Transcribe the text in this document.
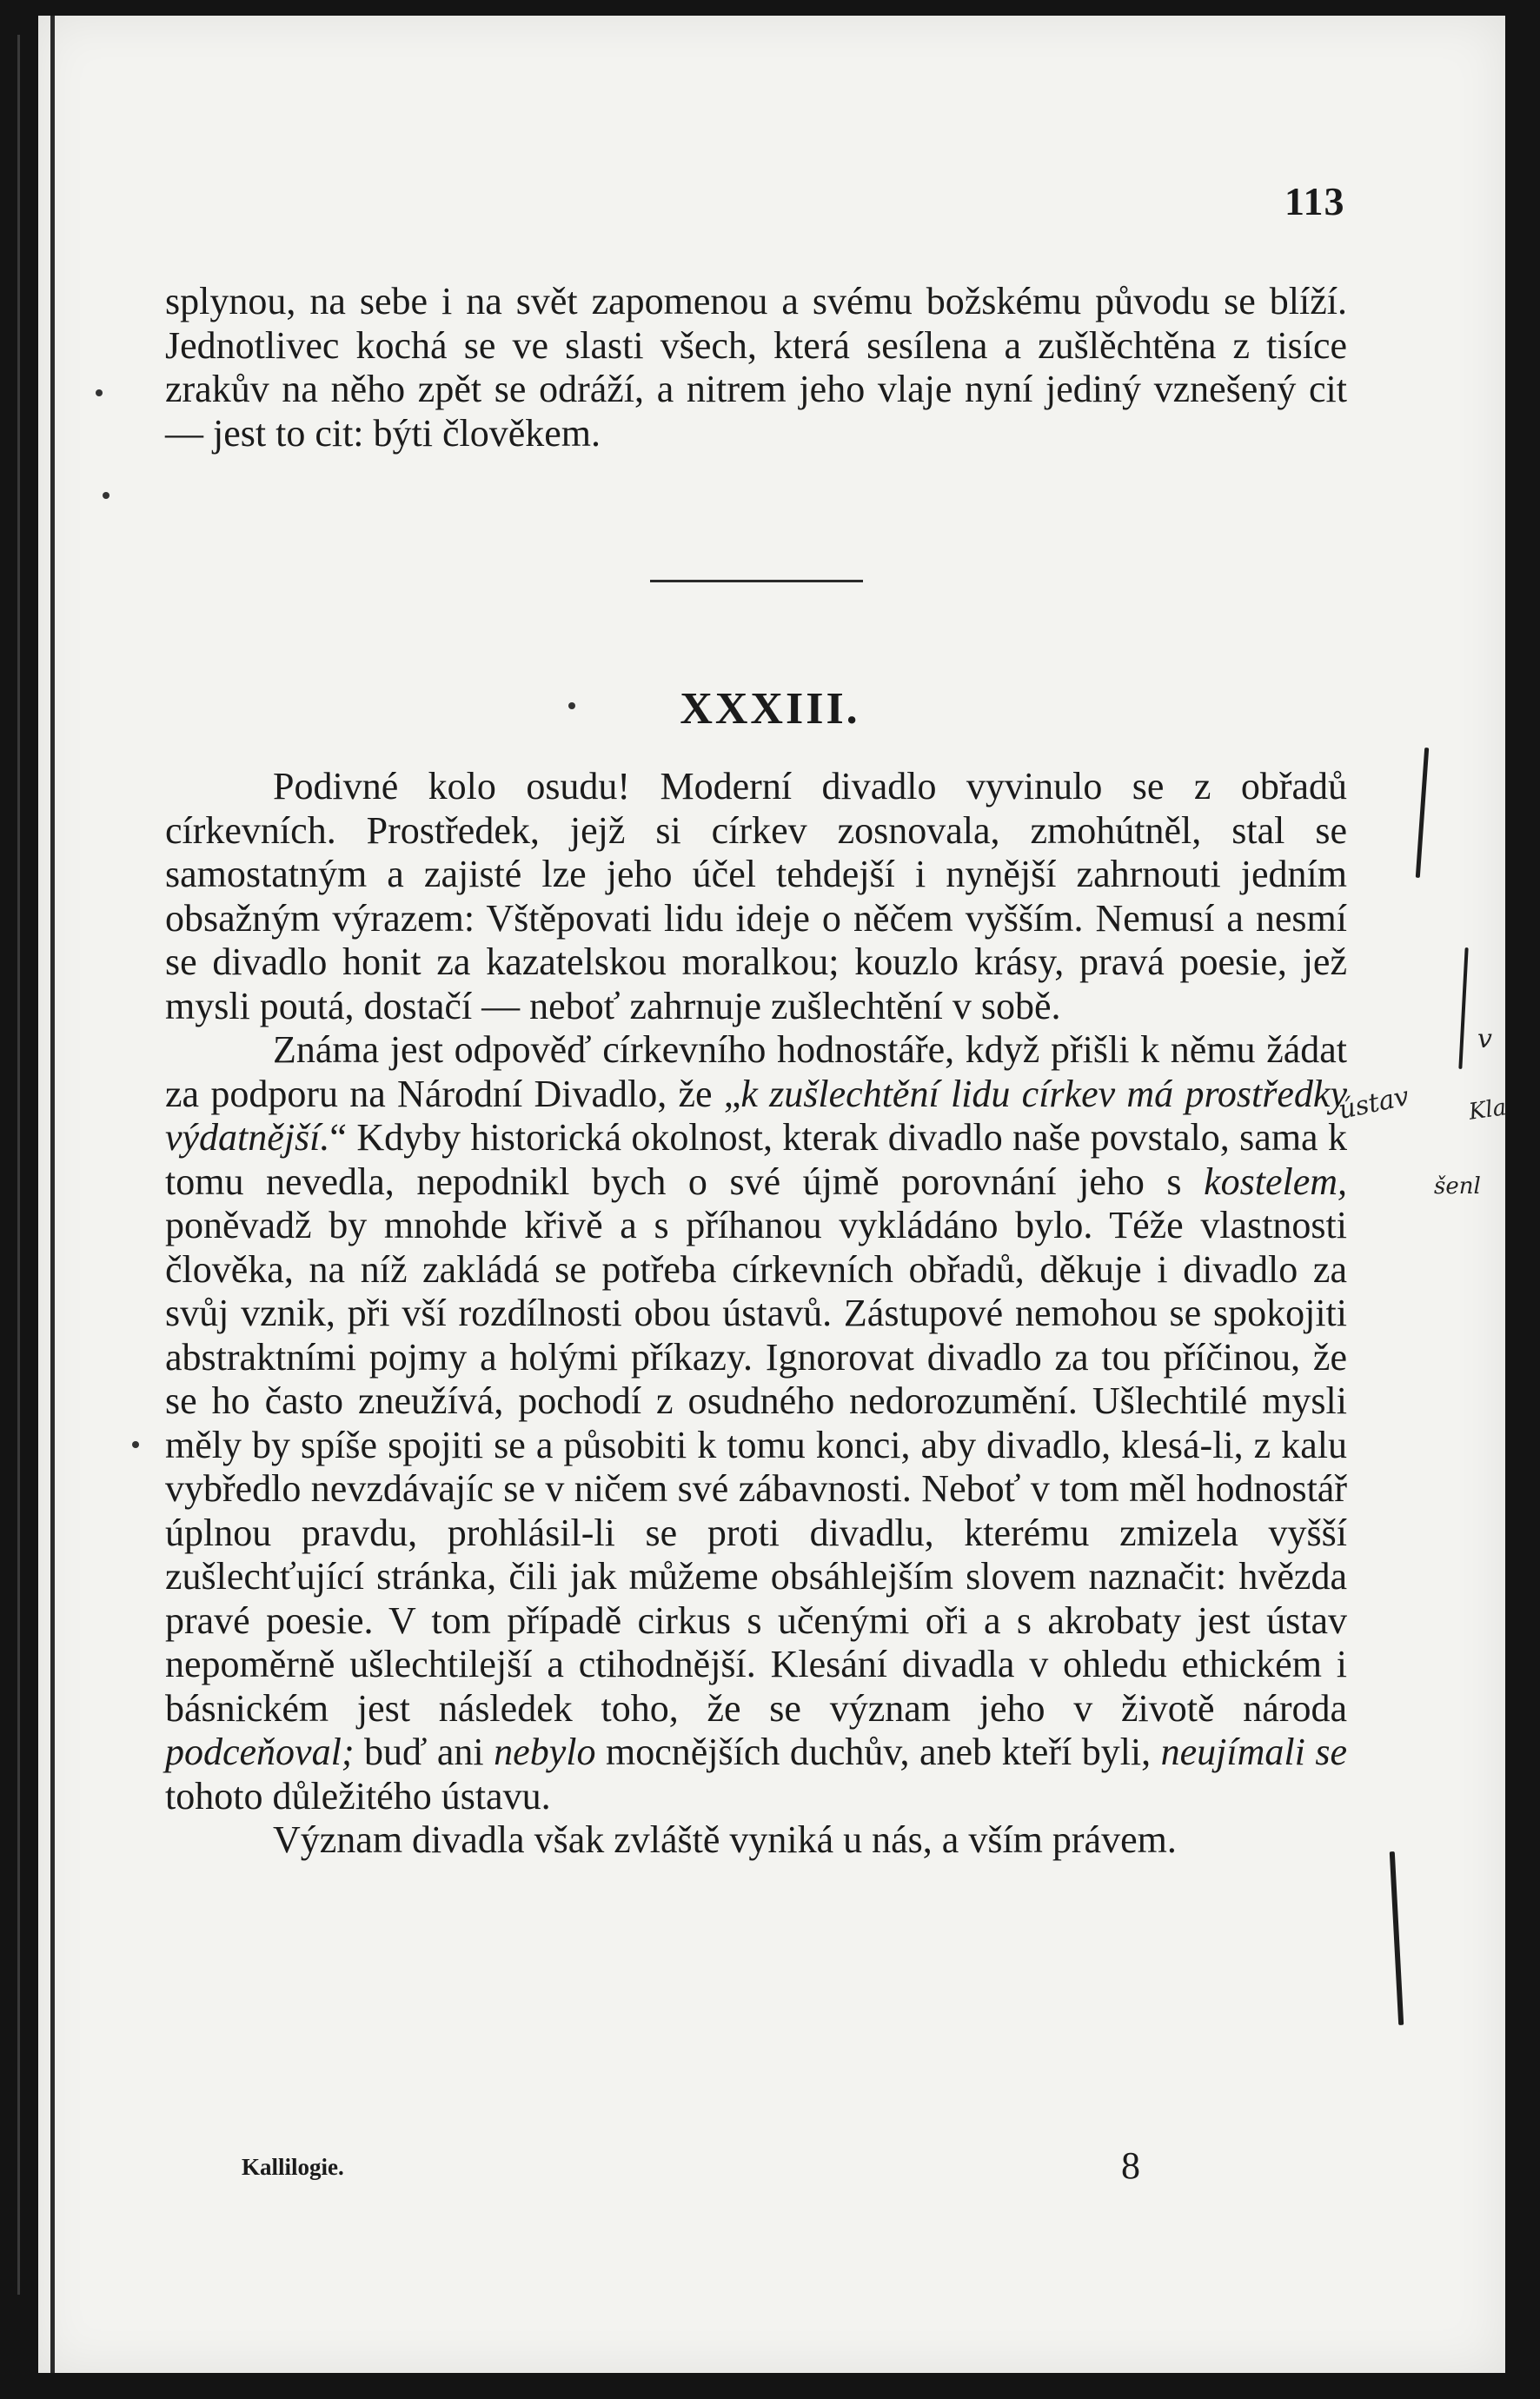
113
splynou, na sebe i na svět zapomenou a svému božskému původu se blíží. Jednotlivec kochá se ve slasti všech, která sesílena a zušlěchtěna z tisíce zrakův na něho zpět se odráží, a nitrem jeho vlaje nyní jediný vznešený cit — jest to cit: býti člověkem.
XXXIII.
Podivné kolo osudu! Moderní divadlo vyvinulo se z obřadů církevních. Prostředek, jejž si církev zosnovala, zmohútněl, stal se samostatným a zajisté lze jeho účel tehdejší i nynější zahrnouti jedním obsažným výrazem: Vštěpovati lidu ideje o něčem vyšším. Nemusí a nesmí se divadlo honit za kazatelskou moralkou; kouzlo krásy, pravá poesie, jež mysli poutá, dostačí — neboť zahrnuje zušlechtění v sobě.
Známa jest odpověď církevního hodnostáře, když přišli k němu žádat za podporu na Národní Divadlo, že „k zušlechtění lidu církev má prostředky výdatnější.“ Kdyby historická okolnost, kterak divadlo naše povstalo, sama k tomu nevedla, nepodnikl bych o své újmě porovnání jeho s kostelem, poněvadž by mnohde křivě a s příhanou vykládáno bylo. Téže vlastnosti člověka, na níž zakládá se potřeba církevních obřadů, děkuje i divadlo za svůj vznik, při vší rozdílnosti obou ústavů. Zástupové nemohou se spokojiti abstraktními pojmy a holými příkazy. Ignorovat divadlo za tou příčinou, že se ho často zneužívá, pochodí z osudného nedorozumění. Ušlechtilé mysli měly by spíše spojiti se a působiti k tomu konci, aby divadlo, klesá-li, z kalu vybředlo nevzdávajíc se v ničem své zábavnosti. Neboť v tom měl hodnostář úplnou pravdu, prohlásil-li se proti divadlu, kterému zmizela vyšší zušlechťující stránka, čili jak můžeme obsáhlejším slovem naznačit: hvězda pravé poesie. V tom případě cirkus s učenými oři a s akrobaty jest ústav nepoměrně ušlechtilejší a ctihodnější. Klesání divadla v ohledu ethickém i básnickém jest následek toho, že se význam jeho v životě národa podceňoval; buď ani nebylo mocnějších duchův, aneb kteří byli, neujímali se tohoto důležitého ústavu.
Význam divadla však zvláště vyniká u nás, a vším právem.
Kallilogie.	8
ústav Kla
v
šenl
